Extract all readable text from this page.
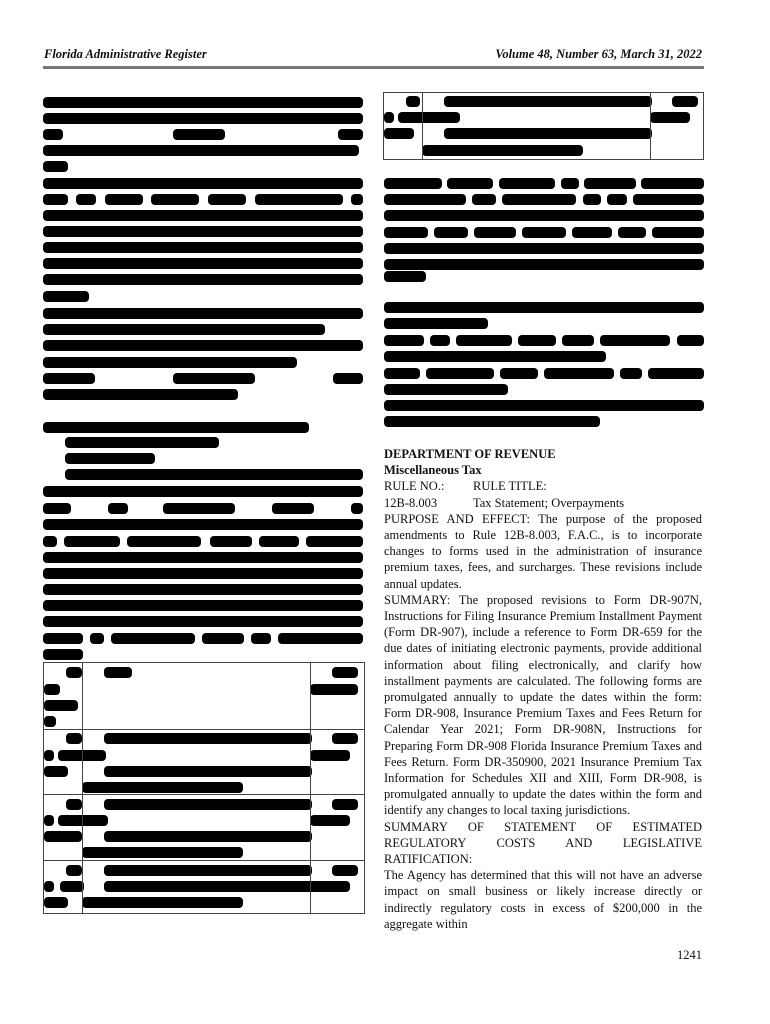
Florida Administrative Register	Volume 48, Number 63, March 31, 2022

DEPARTMENT OF REVENUE

Miscellaneous Tax

RULE NO.:	RULE TITLE:
12B-8.003	Tax Statement; Overpayments

PURPOSE AND EFFECT: The purpose of the proposed amendments to Rule 12B-8.003, F.A.C., is to incorporate changes to forms used in the administration of insurance premium taxes, fees, and surcharges. These revisions include annual updates.

SUMMARY: The proposed revisions to Form DR-907N, Instructions for Filing Insurance Premium Installment Payment (Form DR-907), include a reference to Form DR-659 for the due dates of initiating electronic payments, provide additional information about filing electronically, and clarify how installment payments are calculated. The following forms are promulgated annually to update the dates within the form: Form DR-908, Insurance Premium Taxes and Fees Return for Calendar Year 2021; Form DR-908N, Instructions for Preparing Form DR-908 Florida Insurance Premium Taxes and Fees Return. Form DR-350900, 2021 Insurance Premium Tax Information for Schedules XII and XIII, Form DR-908, is promulgated annually to update the dates within the form and identify any changes to local taxing jurisdictions.

SUMMARY OF STATEMENT OF ESTIMATED REGULATORY COSTS AND LEGISLATIVE RATIFICATION:

The Agency has determined that this will not have an adverse impact on small business or likely increase directly or indirectly regulatory costs in excess of $200,000 in the aggregate within

1241
